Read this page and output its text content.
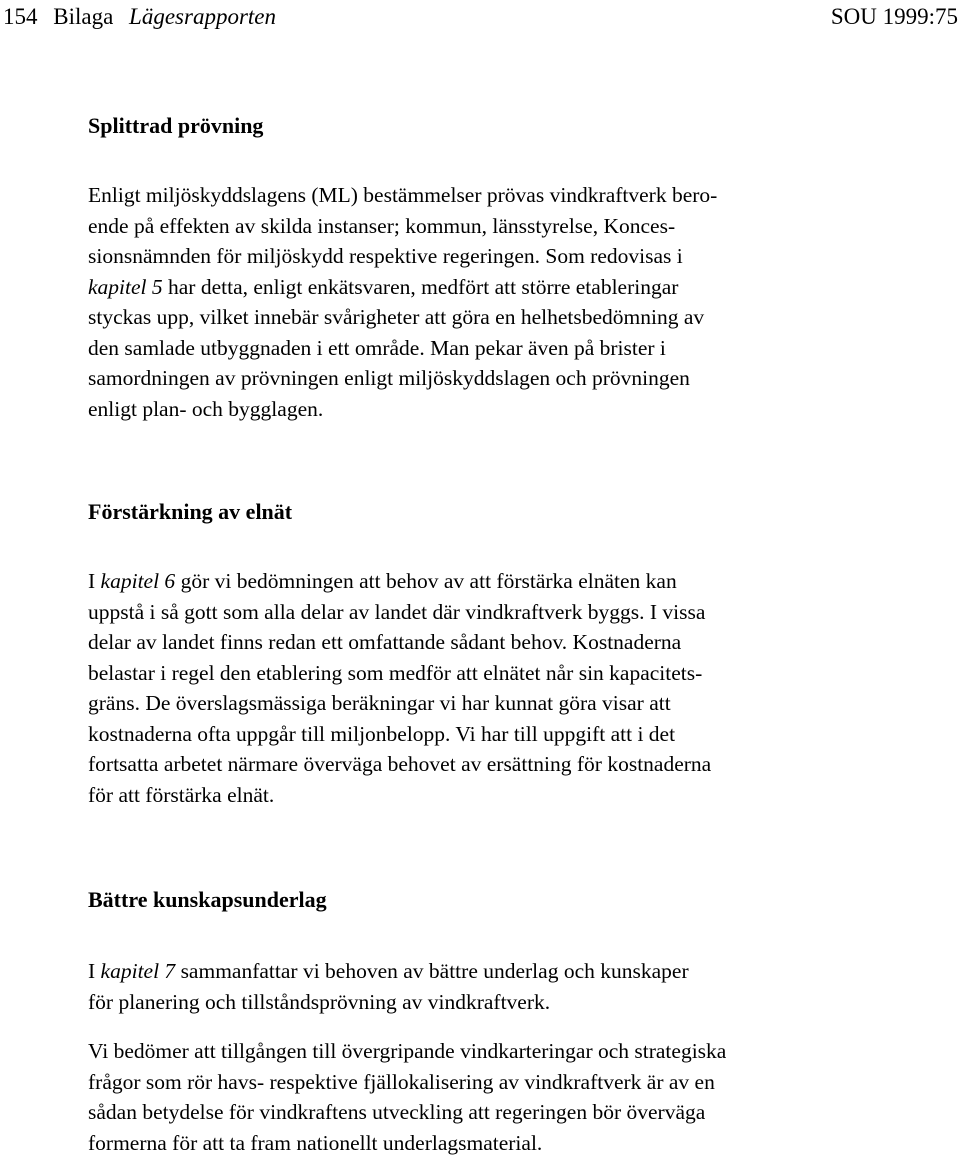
154 Bilaga Lägesrapporten	SOU 1999:75
Splittrad prövning

Enligt miljöskyddslagens (ML) bestämmelser prövas vindkraftverk bero-
ende på effekten av skilda instanser; kommun, länsstyrelse, Konces-
sionsnämnden för miljöskydd respektive regeringen. Som redovisas i
kapitel 5 har detta, enligt enkätsvaren, medfört att större etableringar
styckas upp, vilket innebär svårigheter att göra en helhetsbedömning av
den samlade utbyggnaden i ett område. Man pekar även på brister i
samordningen av prövningen enligt miljöskyddslagen och prövningen
enligt plan- och bygglagen.

Förstärkning av elnät

I kapitel 6 gör vi bedömningen att behov av att förstärka elnäten kan
uppstå i så gott som alla delar av landet där vindkraftverk byggs. I vissa
delar av landet finns redan ett omfattande sådant behov. Kostnaderna
belastar i regel den etablering som medför att elnätet når sin kapacitets-
gräns. De överslagsmässiga beräkningar vi har kunnat göra visar att
kostnaderna ofta uppgår till miljonbelopp. Vi har till uppgift att i det
fortsatta arbetet närmare överväga behovet av ersättning för kostnaderna
för att förstärka elnät.

Bättre kunskapsunderlag

I kapitel 7 sammanfattar vi behoven av bättre underlag och kunskaper
för planering och tillståndsprövning av vindkraftverk.

Vi bedömer att tillgången till övergripande vindkarteringar och strategiska
frågor som rör havs- respektive fjällokalisering av vindkraftverk är av en
sådan betydelse för vindkraftens utveckling att regeringen bör överväga
formerna för att ta fram nationellt underlagsmaterial.
